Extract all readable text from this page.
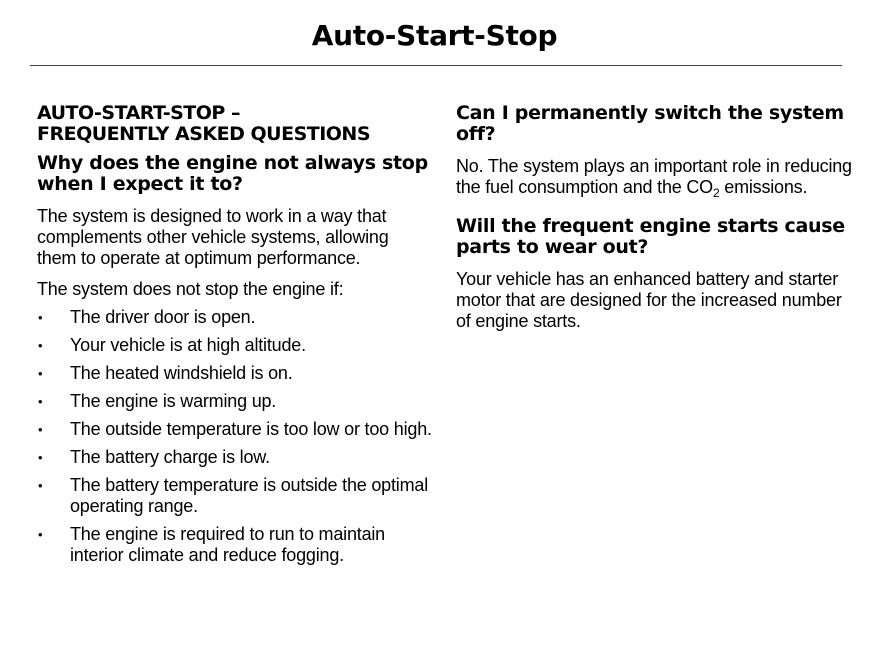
Auto-Start-Stop
AUTO-START-STOP –
FREQUENTLY ASKED QUESTIONS
Why does the engine not always stop when I expect it to?

The system is designed to work in a way that complements other vehicle systems, allowing them to operate at optimum performance.

The system does not stop the engine if:

• The driver door is open.
• Your vehicle is at high altitude.
• The heated windshield is on.
• The engine is warming up.
• The outside temperature is too low or too high.
• The battery charge is low.
• The battery temperature is outside the optimal operating range.
• The engine is required to run to maintain interior climate and reduce fogging.
Can I permanently switch the system off?

No. The system plays an important role in reducing the fuel consumption and the $CO_2$ emissions.

Will the frequent engine starts cause parts to wear out?

Your vehicle has an enhanced battery and starter motor that are designed for the increased number of engine starts.
